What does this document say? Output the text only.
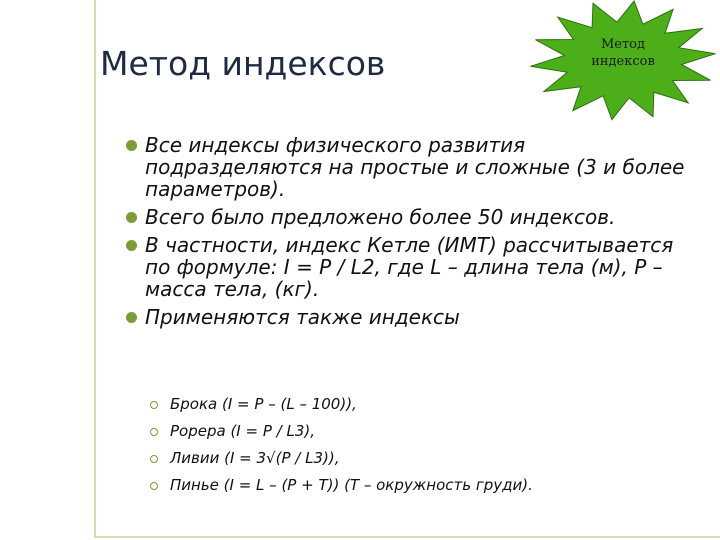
Метод индексов	Метод
индексов
Все индексы физического развития подразделяются на простые и сложные (3 и более параметров).
Всего было предложено более 50 индексов.
В частности, индекс Кетле (ИМТ) рассчитывается по формуле: I = P / L2, где L – длина тела (м), P – масса тела, (кг).
Применяются также индексы
Брока (I = P – (L – 100)),
Рорера (I = P / L3),
Ливии (I = 3√(P / L3)),
Пинье (I = L – (P + T)) (T – окружность груди).
